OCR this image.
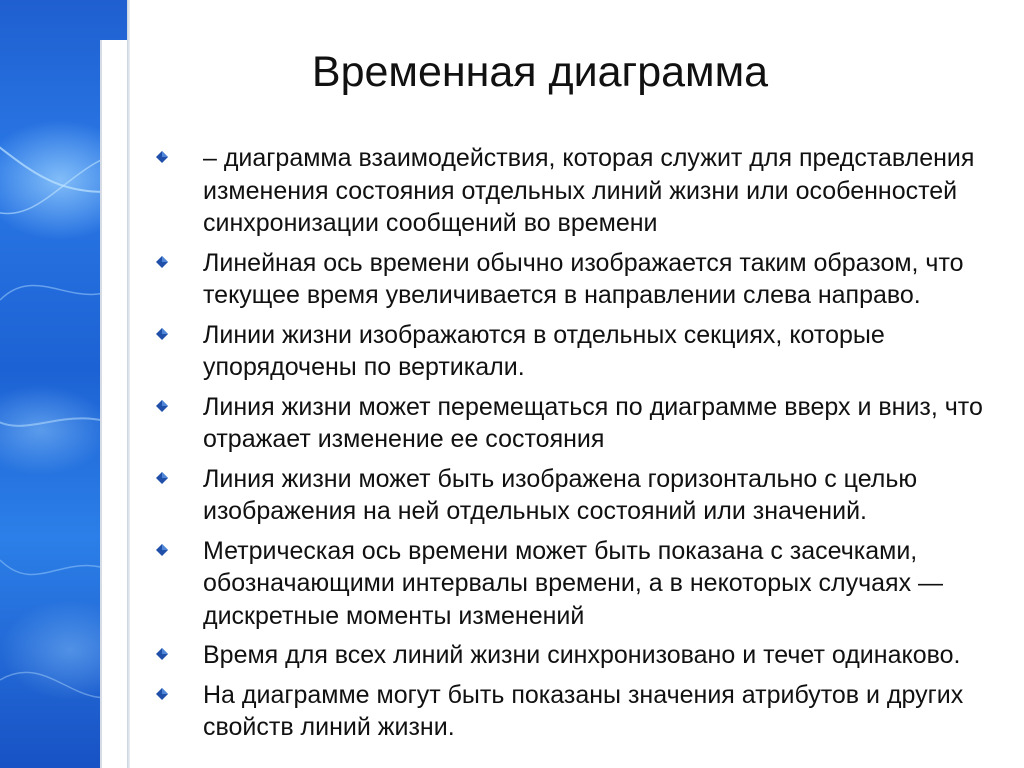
Временная диаграмма
– диаграмма взаимодействия, которая служит для представления изменения состояния отдельных линий жизни или особенностей синхронизации сообщений во времени
Линейная ось времени обычно изображается таким образом, что текущее время увеличивается в направлении слева направо.
Линии жизни изображаются в отдельных секциях, которые упорядочены по вертикали.
Линия жизни может перемещаться по диаграмме вверх и вниз, что отражает изменение ее состояния
Линия жизни может быть изображена горизонтально с целью изображения на ней отдельных состояний или значений.
Метрическая ось времени может быть показана с засечками, обозначающими интервалы времени, а в некоторых случаях — дискретные моменты изменений
Время для всех линий жизни синхронизовано и течет одинаково.
На диаграмме могут быть показаны значения атрибутов и других свойств линий жизни.
